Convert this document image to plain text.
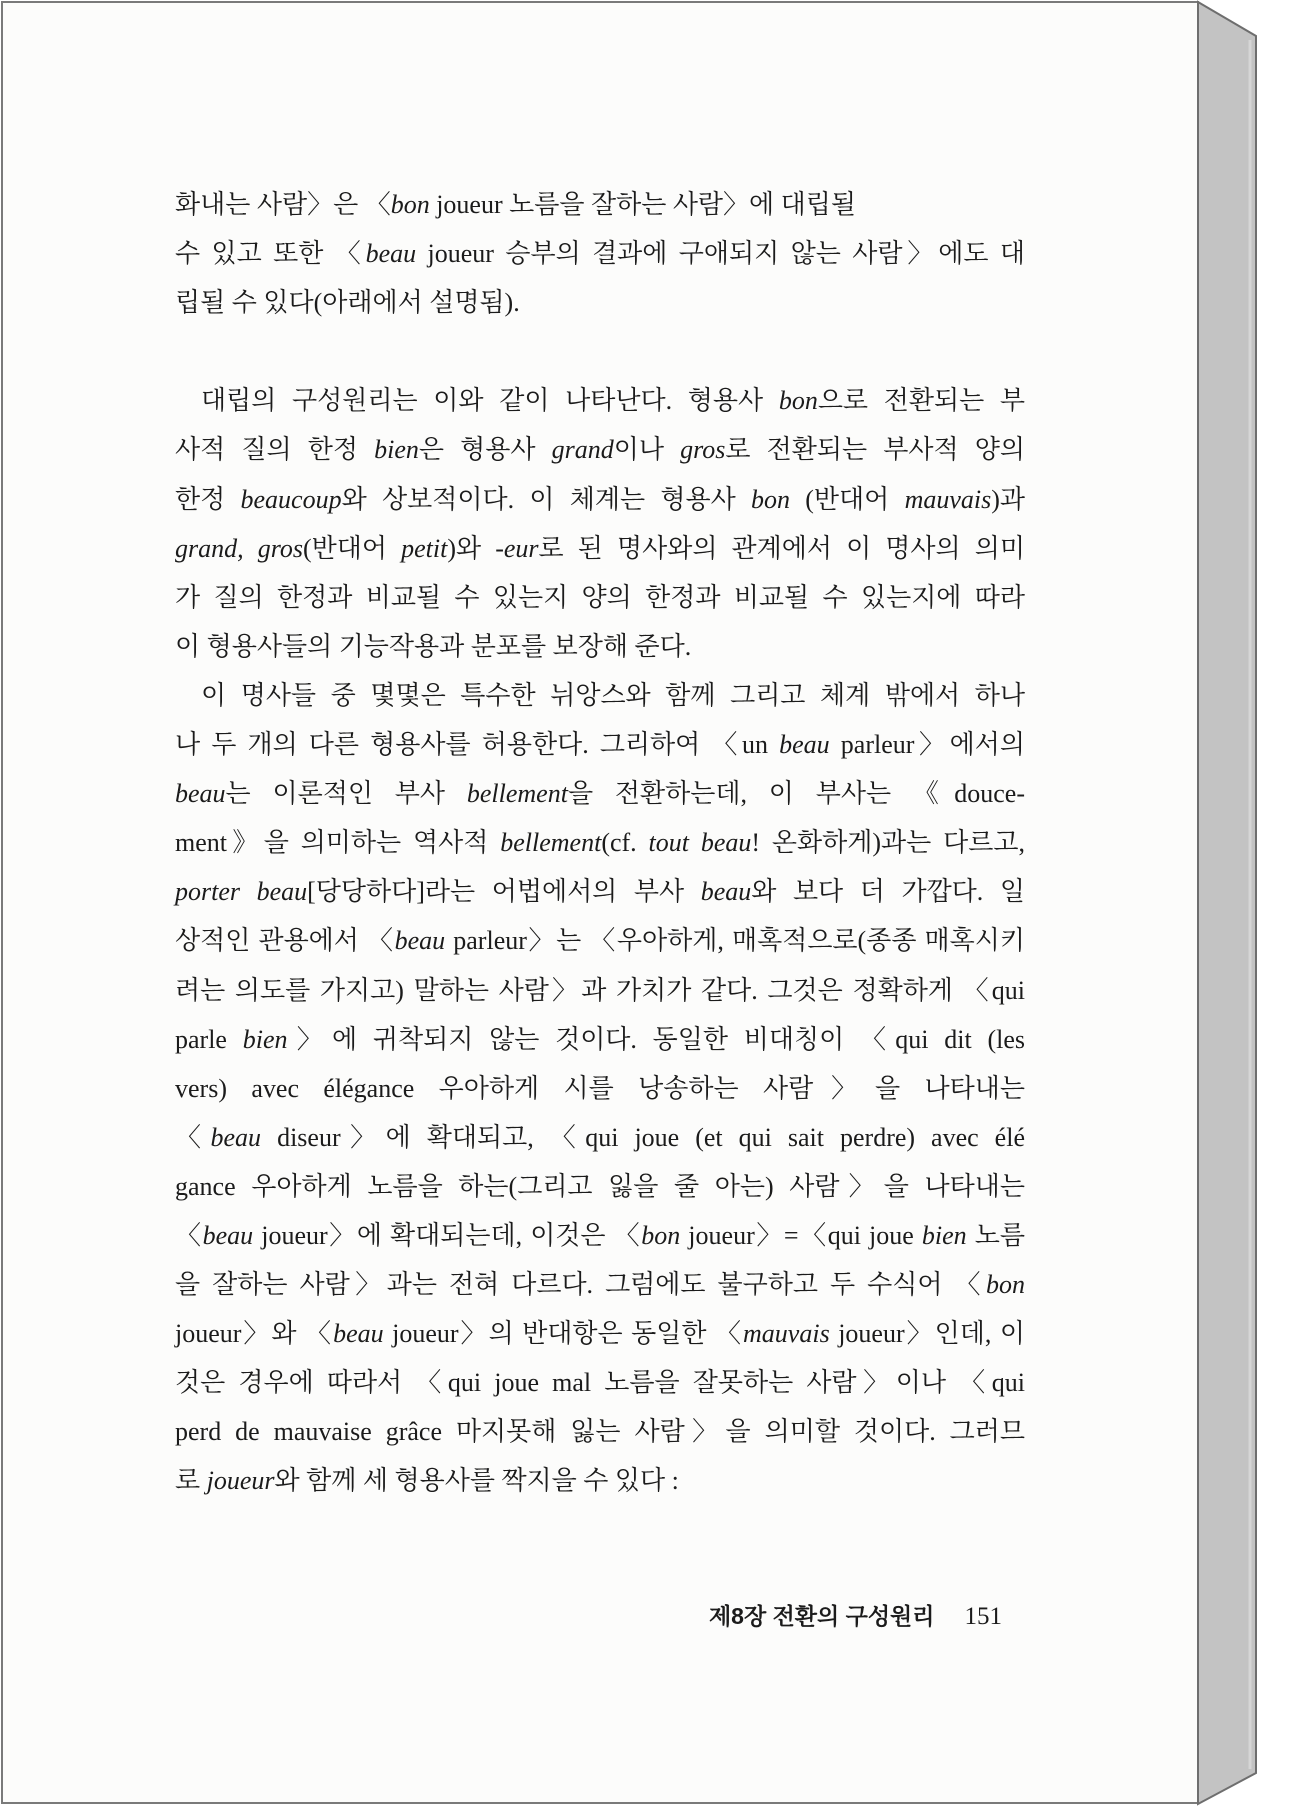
화내는 사람〉은 〈bon joueur 노름을 잘하는 사람〉에 대립될
수 있고 또한 〈beau joueur 승부의 결과에 구애되지 않는 사람〉에도 대
립될 수 있다(아래에서 설명됨).
대립의 구성원리는 이와 같이 나타난다. 형용사 bon으로 전환되는 부
사적 질의 한정 bien은 형용사 grand이나 gros로 전환되는 부사적 양의
한정 beaucoup와 상보적이다. 이 체계는 형용사 bon (반대어 mauvais)과
grand, gros(반대어 petit)와 -eur로 된 명사와의 관계에서 이 명사의 의미
가 질의 한정과 비교될 수 있는지 양의 한정과 비교될 수 있는지에 따라
이 형용사들의 기능작용과 분포를 보장해 준다.
이 명사들 중 몇몇은 특수한 뉘앙스와 함께 그리고 체계 밖에서 하나
나 두 개의 다른 형용사를 허용한다. 그리하여 〈un beau parleur〉에서의
beau는 이론적인 부사 bellement을 전환하는데, 이 부사는 《douce-
ment》을 의미하는 역사적 bellement(cf. tout beau! 온화하게)과는 다르고,
porter beau[당당하다]라는 어법에서의 부사 beau와 보다 더 가깝다. 일
상적인 관용에서 〈beau parleur〉는 〈우아하게, 매혹적으로(종종 매혹시키
려는 의도를 가지고) 말하는 사람〉과 가치가 같다. 그것은 정확하게 〈qui
parle bien〉에 귀착되지 않는 것이다. 동일한 비대칭이 〈qui dit (les
vers) avec élégance 우아하게 시를 낭송하는 사람〉을 나타내는
〈beau diseur〉에 확대되고, 〈qui joue (et qui sait perdre) avec élé
gance 우아하게 노름을 하는(그리고 잃을 줄 아는) 사람〉을 나타내는
〈beau joueur〉에 확대되는데, 이것은 〈bon joueur〉=〈qui joue bien 노름
을 잘하는 사람〉과는 전혀 다르다. 그럼에도 불구하고 두 수식어 〈bon
joueur〉와 〈beau joueur〉의 반대항은 동일한 〈mauvais joueur〉인데, 이
것은 경우에 따라서 〈qui joue mal 노름을 잘못하는 사람〉이나 〈qui
perd de mauvaise grâce 마지못해 잃는 사람〉을 의미할 것이다. 그러므
로 joueur와 함께 세 형용사를 짝지을 수 있다 :
제8장 전환의 구성원리 151
